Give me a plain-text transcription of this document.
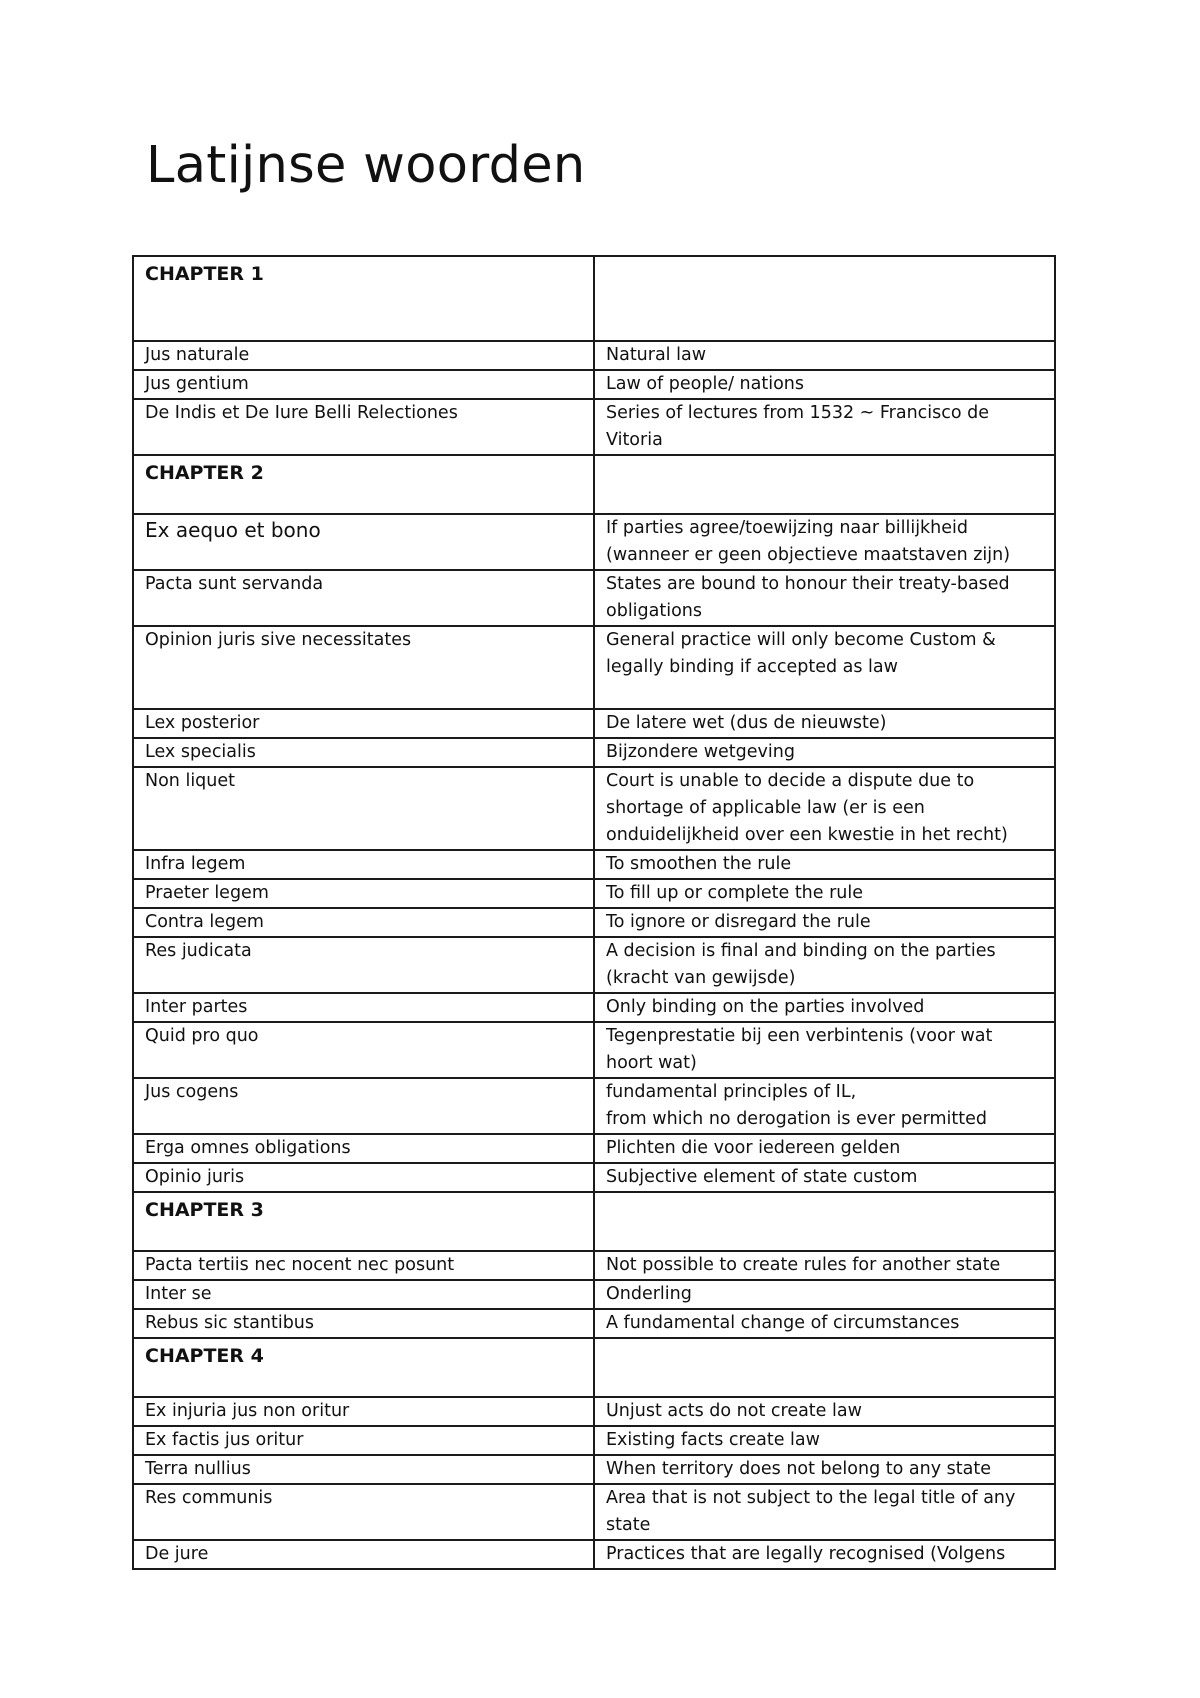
Latijnse woorden
CHAPTER 1	
Jus naturale	Natural law
Jus gentium	Law of people/ nations
De Indis et De Iure Belli Relectiones	Series of lectures from 1532 ~ Francisco de Vitoria
CHAPTER 2	
Ex aequo et bono	If parties agree/toewijzing naar billijkheid (wanneer er geen objectieve maatstaven zijn)
Pacta sunt servanda	States are bound to honour their treaty-based obligations
Opinion juris sive necessitates	General practice will only become Custom & legally binding if accepted as law
Lex posterior	De latere wet (dus de nieuwste)
Lex specialis	Bijzondere wetgeving
Non liquet	Court is unable to decide a dispute due to shortage of applicable law (er is een onduidelijkheid over een kwestie in het recht)
Infra legem	To smoothen the rule
Praeter legem	To fill up or complete the rule
Contra legem	To ignore or disregard the rule
Res judicata	A decision is final and binding on the parties (kracht van gewijsde)
Inter partes	Only binding on the parties involved
Quid pro quo	Tegenprestatie bij een verbintenis (voor wat hoort wat)
Jus cogens	fundamental principles of IL,
from which no derogation is ever permitted

Erga omnes obligations	Plichten die voor iedereen gelden
Opinio juris	Subjective element of state custom
CHAPTER 3	
Pacta tertiis nec nocent nec posunt	Not possible to create rules for another state
Inter se	Onderling
Rebus sic stantibus	A fundamental change of circumstances
CHAPTER 4	
Ex injuria jus non oritur	Unjust acts do not create law
Ex factis jus oritur	Existing facts create law
Terra nullius	When territory does not belong to any state
Res communis	Area that is not subject to the legal title of any state
De jure	Practices that are legally recognised (Volgens
